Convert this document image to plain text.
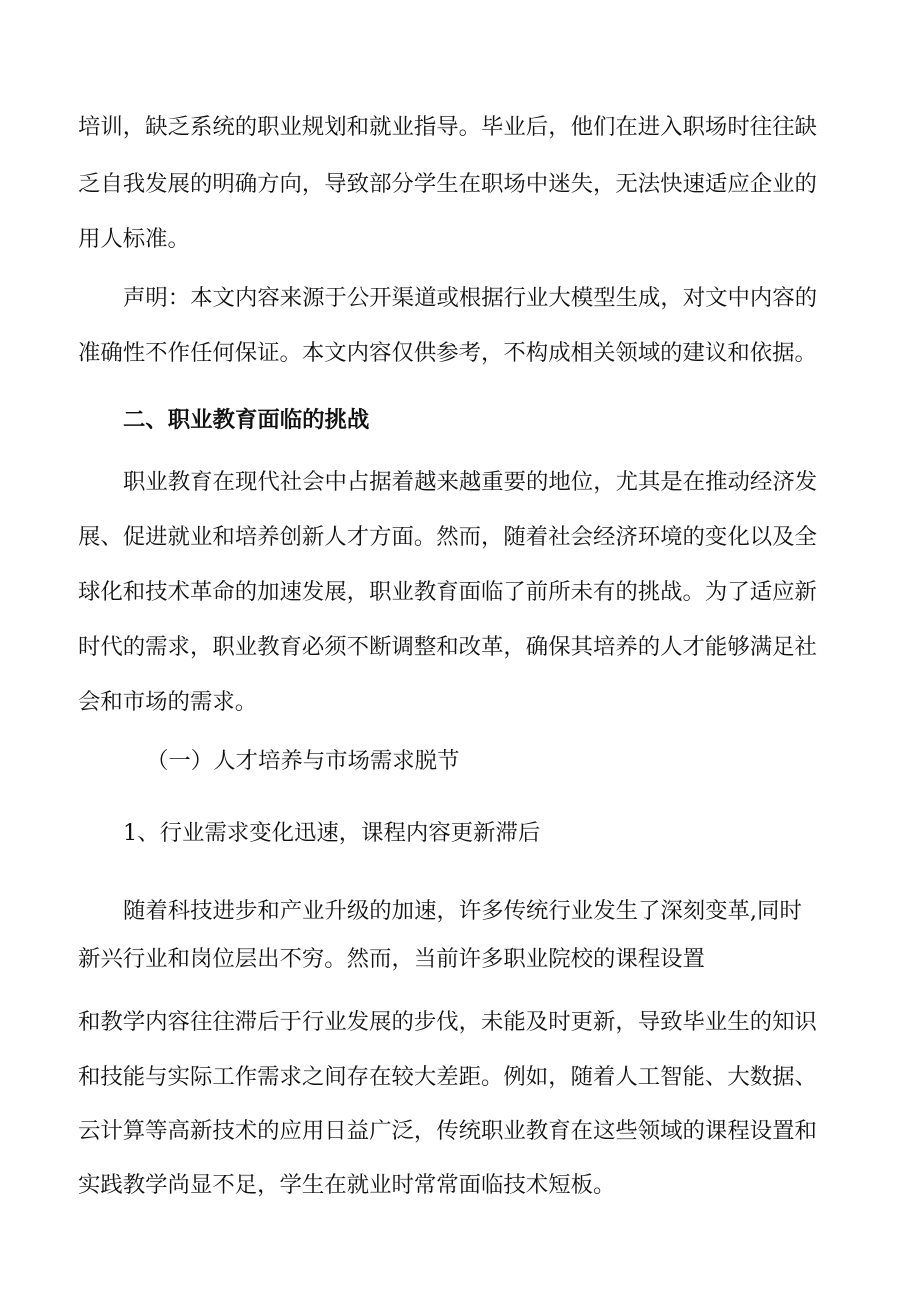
培训，缺乏系统的职业规划和就业指导。毕业后，他们在进入职场时往往缺
乏自我发展的明确方向，导致部分学生在职场中迷失，无法快速适应企业的
用人标准。
声明：本文内容来源于公开渠道或根据行业大模型生成，对文中内容的
准确性不作任何保证。本文内容仅供参考，不构成相关领域的建议和依据。
二、职业教育面临的挑战
职业教育在现代社会中占据着越来越重要的地位，尤其是在推动经济发
展、促进就业和培养创新人才方面。然而，随着社会经济环境的变化以及全
球化和技术革命的加速发展，职业教育面临了前所未有的挑战。为了适应新
时代的需求，职业教育必须不断调整和改革，确保其培养的人才能够满足社
会和市场的需求。
（一）人才培养与市场需求脱节
1、行业需求变化迅速，课程内容更新滞后
随着科技进步和产业升级的加速，许多传统行业发生了深刻变革,同时
新兴行业和岗位层出不穷。然而，当前许多职业院校的课程设置
和教学内容往往滞后于行业发展的步伐，未能及时更新，导致毕业生的知识
和技能与实际工作需求之间存在较大差距。例如，随着人工智能、大数据、
云计算等高新技术的应用日益广泛，传统职业教育在这些领域的课程设置和
实践教学尚显不足，学生在就业时常常面临技术短板。
